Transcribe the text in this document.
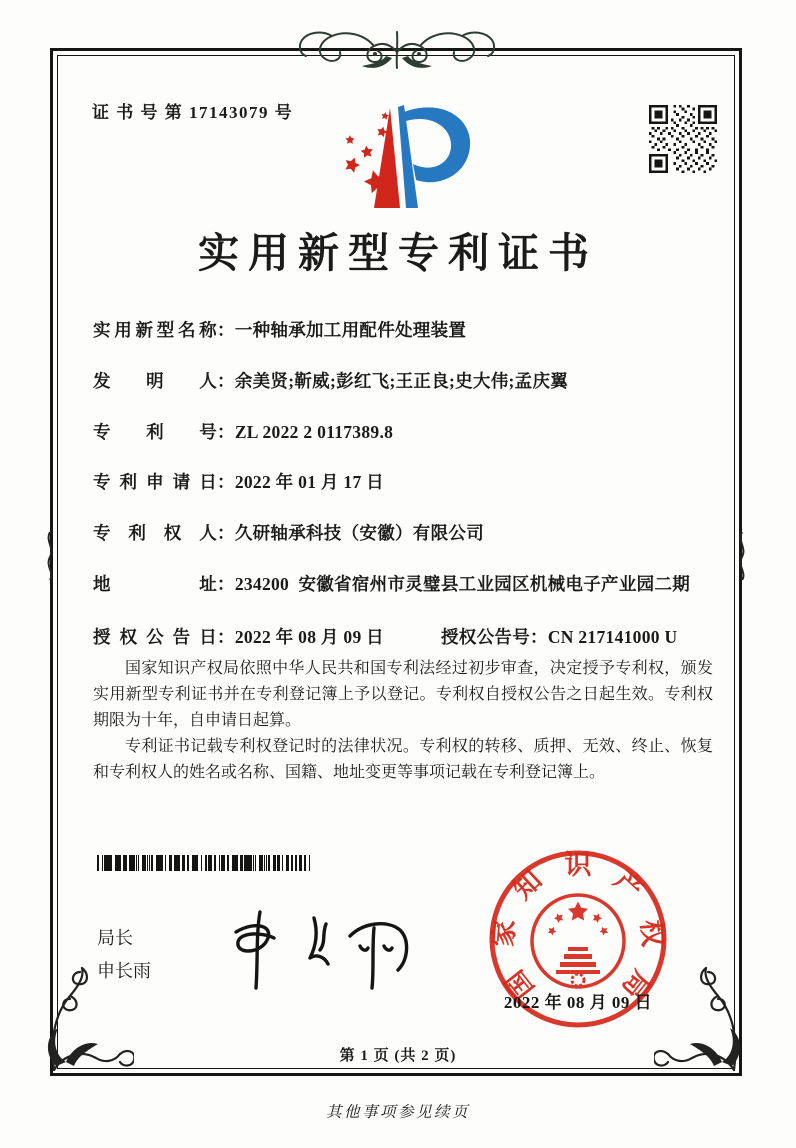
证 书 号 第 17143079 号
实用新型专利证书
实用新型名称：一种轴承加工用配件处理装置
发明人：余美贤;靳威;彭红飞;王正良;史大伟;孟庆翼
专利号：ZL 2022 2 0117389.8
专利申请日：2022 年 01 月 17 日
专利权人：久研轴承科技（安徽）有限公司
地址：234200  安徽省宿州市灵璧县工业园区机械电子产业园二期
授权公告日：2022 年 08 月 09 日	授权公告号：CN 217141000 U

国家知识产权局依照中华人民共和国专利法经过初步审查，决定授予专利权，颁发实用新型专利证书并在专利登记簿上予以登记。专利权自授权公告之日起生效。专利权期限为十年，自申请日起算。

专利证书记载专利权登记时的法律状况。专利权的转移、质押、无效、终止、恢复和专利权人的姓名或名称、国籍、地址变更等事项记载在专利登记簿上。

局长
申长雨	国
家
知 识 产
权
局
2022 年 08 月 09 日
第 1 页 (共 2 页)
其他事项参见续页
